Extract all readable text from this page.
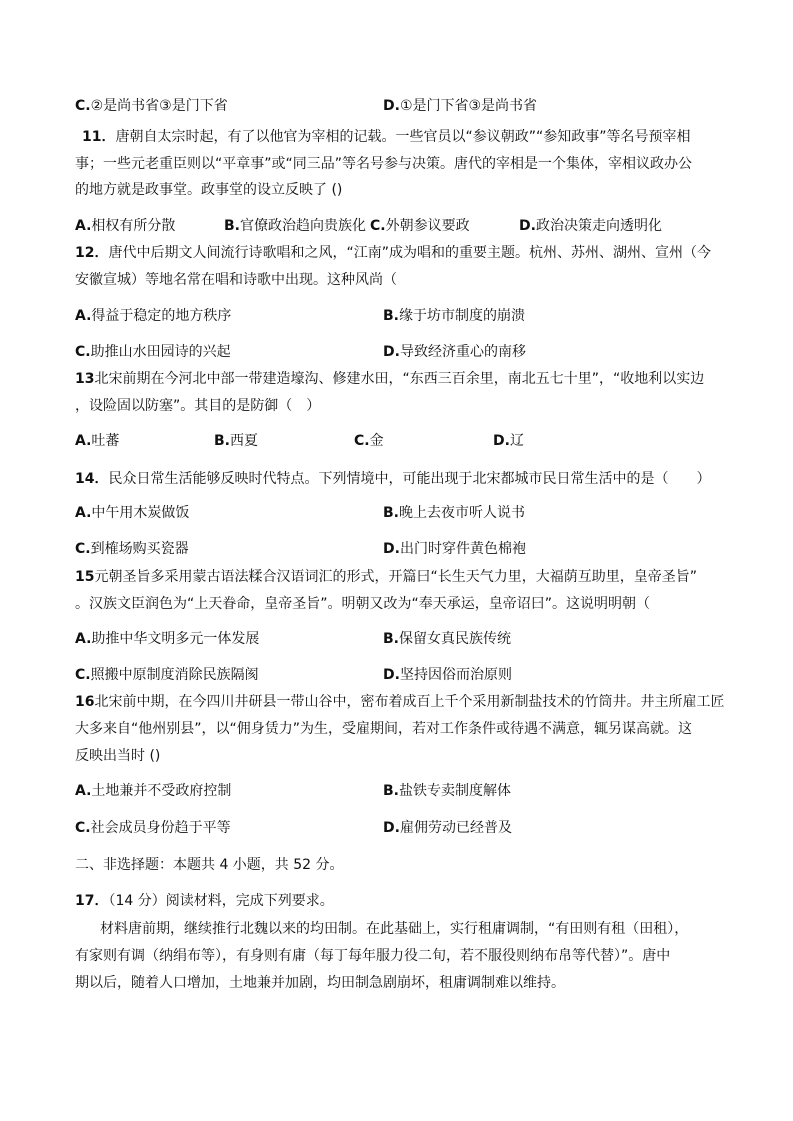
C.②是尚书省③是门下省	D.①是门下省③是尚书省
11．唐朝自太宗时起，有了以他官为宰相的记载。一些官员以“参议朝政”“参知政事”等名号预宰相
事；一些元老重臣则以“平章事”或“同三品”等名号参与决策。唐代的宰相是一个集体，宰相议政办公
的地方就是政事堂。政事堂的设立反映了 ()
A.相权有所分散	B.官僚政治趋向贵族化 C.外朝参议要政	D.政治决策走向透明化
12．唐代中后期文人间流行诗歌唱和之风，“江南”成为唱和的重要主题。杭州、苏州、湖州、宣州（今
安徽宣城）等地名常在唱和诗歌中出现。这种风尚（
A.得益于稳定的地方秩序	B.缘于坊市制度的崩溃
C.助推山水田园诗的兴起	D.导致经济重心的南移
13北宋前期在今河北中部一带建造壕沟、修建水田，“东西三百余里，南北五七十里”，“收地利以实边
，设险固以防塞”。其目的是防御（　）
A.吐蕃	B.西夏	C.金	D.辽
14．民众日常生活能够反映时代特点。下列情境中，可能出现于北宋都城市民日常生活中的是（　　）
A.中午用木炭做饭	B.晚上去夜市听人说书
C.到榷场购买瓷器	D.出门时穿件黄色棉袍
15元朝圣旨多采用蒙古语法糅合汉语词汇的形式，开篇曰“长生天气力里，大福荫互助里，皇帝圣旨”
。汉族文臣润色为“上天眷命，皇帝圣旨”。明朝又改为“奉天承运，皇帝诏曰”。这说明明朝（
A.助推中华文明多元一体发展	B.保留女真民族传统
C.照搬中原制度消除民族隔阂	D.坚持因俗而治原则
16北宋前中期，在今四川井研县一带山谷中，密布着成百上千个采用新制盐技术的竹筒井。井主所雇工匠
大多来自“他州别县”，以“佣身赁力”为生，受雇期间，若对工作条件或待遇不满意，辄另谋高就。这
反映出当时 ()
A.土地兼并不受政府控制	B.盐铁专卖制度解体
C.社会成员身份趋于平等	D.雇佣劳动已经普及
二、非选择题：本题共 4 小题，共 52 分。
17．（14 分）阅读材料，完成下列要求。
材料唐前期，继续推行北魏以来的均田制。在此基础上，实行租庸调制，“有田则有租（田租），
有家则有调（纳绢布等），有身则有庸（每丁每年服力役二旬，若不服役则纳布帛等代替）”。唐中
期以后，随着人口增加，土地兼并加剧，均田制急剧崩坏，租庸调制难以维持。
